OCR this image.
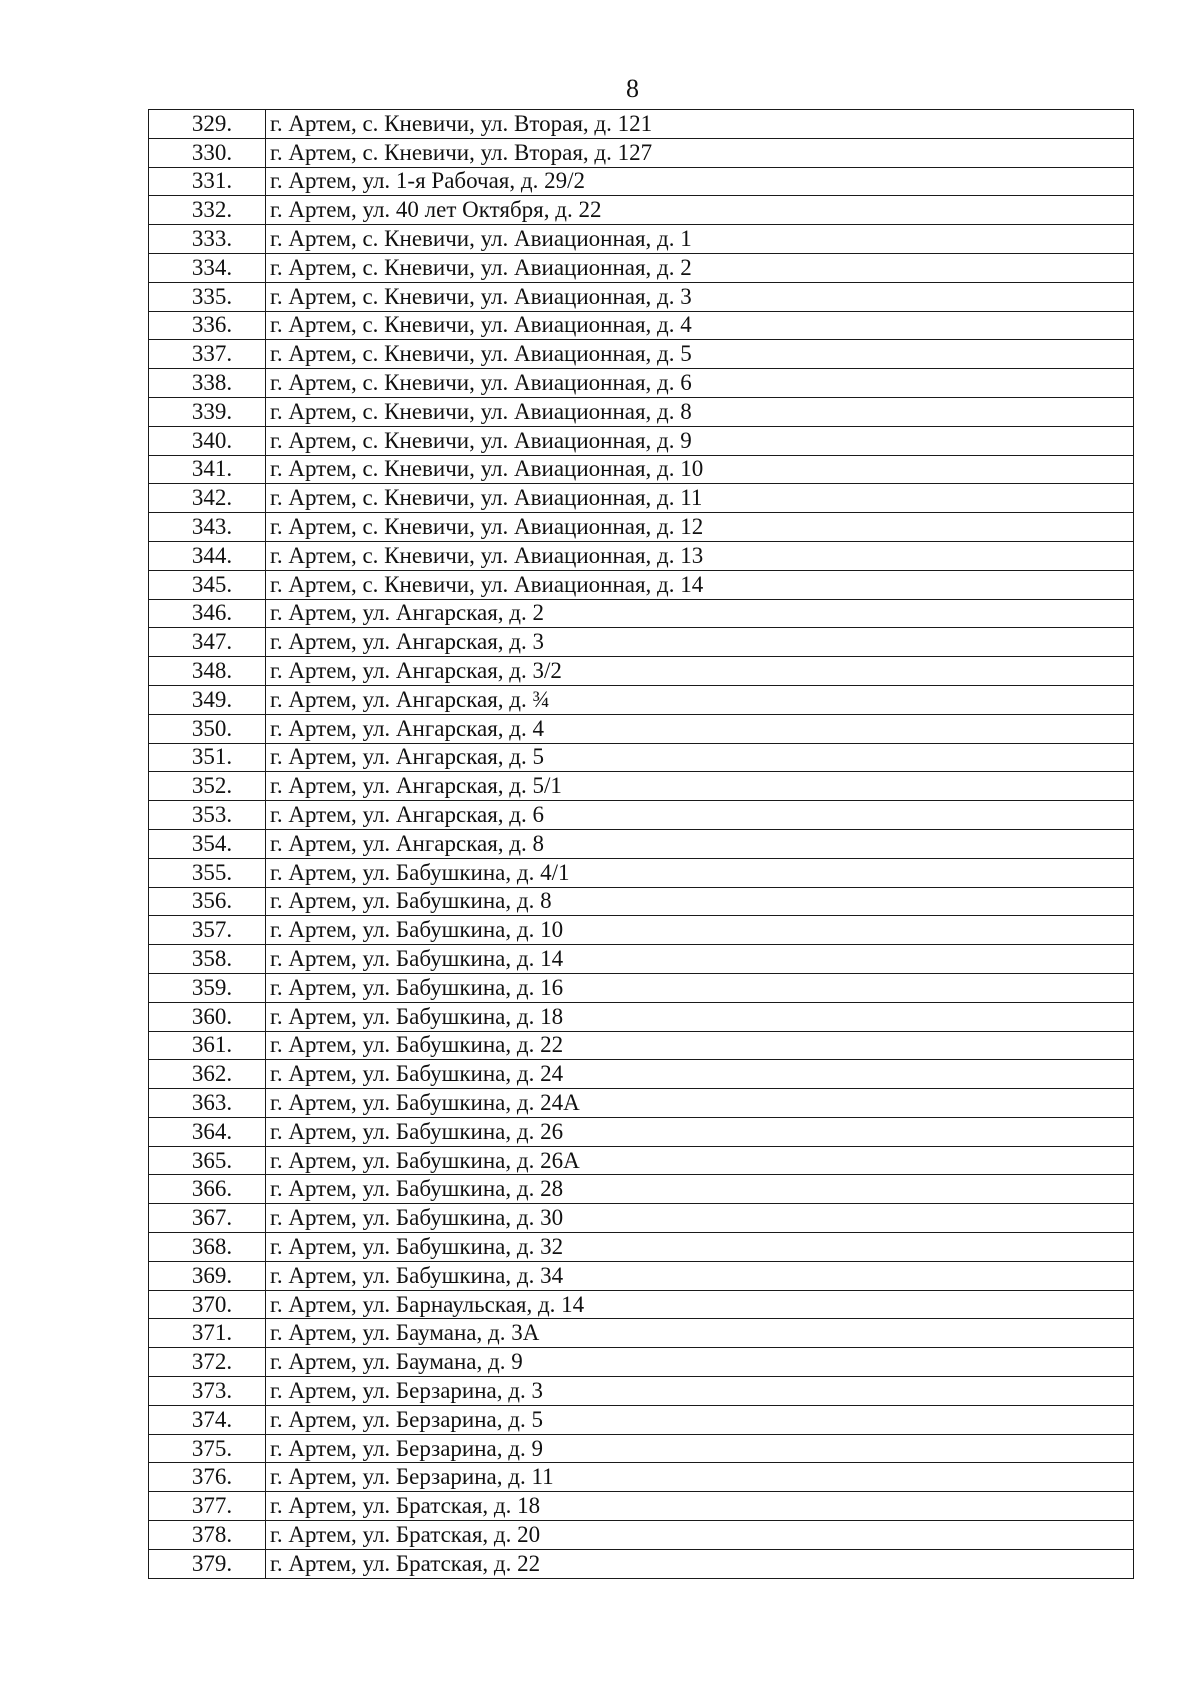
8
329.	г. Артем, с. Кневичи, ул. Вторая, д. 121
330.	г. Артем, с. Кневичи, ул. Вторая, д. 127
331.	г. Артем, ул. 1-я Рабочая, д. 29/2
332.	г. Артем, ул. 40 лет Октября, д. 22
333.	г. Артем, с. Кневичи, ул. Авиационная, д. 1
334.	г. Артем, с. Кневичи, ул. Авиационная, д. 2
335.	г. Артем, с. Кневичи, ул. Авиационная, д. 3
336.	г. Артем, с. Кневичи, ул. Авиационная, д. 4
337.	г. Артем, с. Кневичи, ул. Авиационная, д. 5
338.	г. Артем, с. Кневичи, ул. Авиационная, д. 6
339.	г. Артем, с. Кневичи, ул. Авиационная, д. 8
340.	г. Артем, с. Кневичи, ул. Авиационная, д. 9
341.	г. Артем, с. Кневичи, ул. Авиационная, д. 10
342.	г. Артем, с. Кневичи, ул. Авиационная, д. 11
343.	г. Артем, с. Кневичи, ул. Авиационная, д. 12
344.	г. Артем, с. Кневичи, ул. Авиационная, д. 13
345.	г. Артем, с. Кневичи, ул. Авиационная, д. 14
346.	г. Артем, ул. Ангарская, д. 2
347.	г. Артем, ул. Ангарская, д. 3
348.	г. Артем, ул. Ангарская, д. 3/2
349.	г. Артем, ул. Ангарская, д. ¾
350.	г. Артем, ул. Ангарская, д. 4
351.	г. Артем, ул. Ангарская, д. 5
352.	г. Артем, ул. Ангарская, д. 5/1
353.	г. Артем, ул. Ангарская, д. 6
354.	г. Артем, ул. Ангарская, д. 8
355.	г. Артем, ул. Бабушкина, д. 4/1
356.	г. Артем, ул. Бабушкина, д. 8
357.	г. Артем, ул. Бабушкина, д. 10
358.	г. Артем, ул. Бабушкина, д. 14
359.	г. Артем, ул. Бабушкина, д. 16
360.	г. Артем, ул. Бабушкина, д. 18
361.	г. Артем, ул. Бабушкина, д. 22
362.	г. Артем, ул. Бабушкина, д. 24
363.	г. Артем, ул. Бабушкина, д. 24А
364.	г. Артем, ул. Бабушкина, д. 26
365.	г. Артем, ул. Бабушкина, д. 26А
366.	г. Артем, ул. Бабушкина, д. 28
367.	г. Артем, ул. Бабушкина, д. 30
368.	г. Артем, ул. Бабушкина, д. 32
369.	г. Артем, ул. Бабушкина, д. 34
370.	г. Артем, ул. Барнаульская, д. 14
371.	г. Артем, ул. Баумана, д. 3А
372.	г. Артем, ул. Баумана, д. 9
373.	г. Артем, ул. Берзарина, д. 3
374.	г. Артем, ул. Берзарина, д. 5
375.	г. Артем, ул. Берзарина, д. 9
376.	г. Артем, ул. Берзарина, д. 11
377.	г. Артем, ул. Братская, д. 18
378.	г. Артем, ул. Братская, д. 20
379.	г. Артем, ул. Братская, д. 22
